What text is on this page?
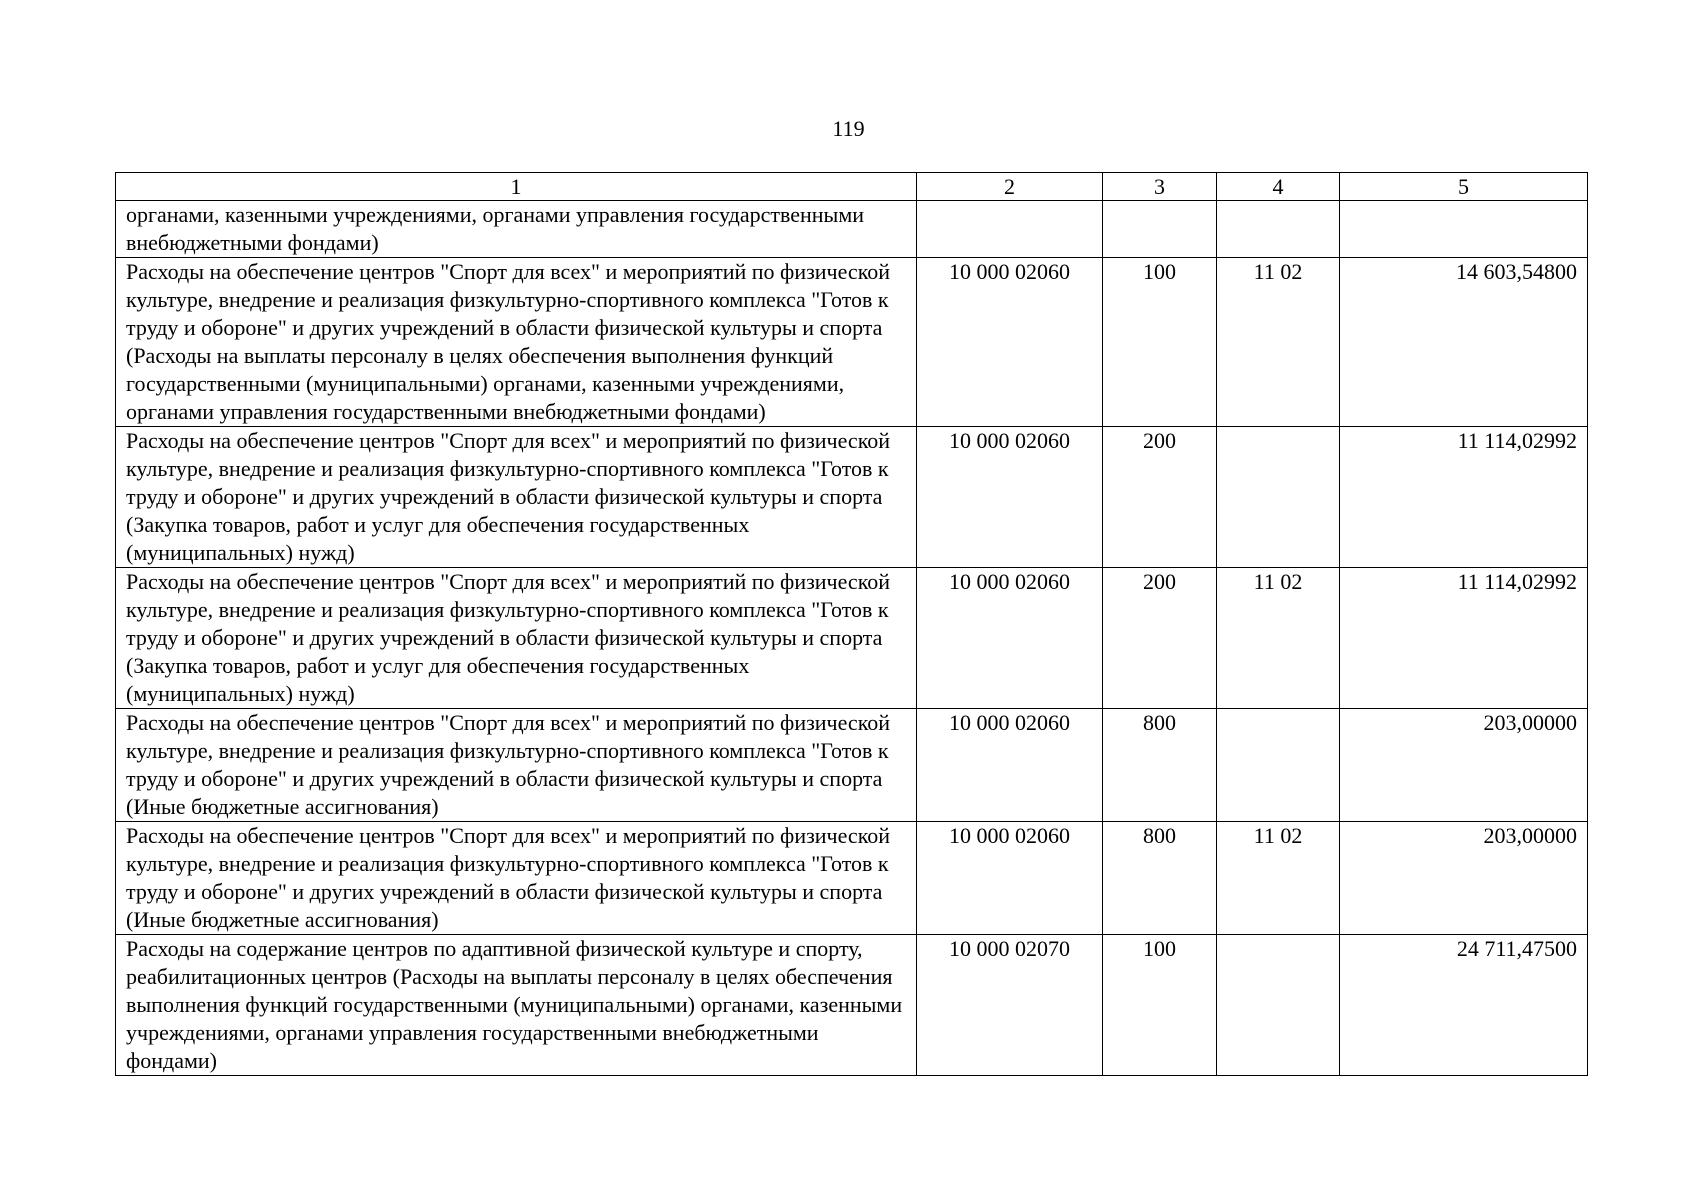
119
1	2	3	4	5
органами, казенными учреждениями, органами управления государственными внебюджетными фондами)				
Расходы на обеспечение центров "Спорт для всех" и мероприятий по физической культуре, внедрение и реализация физкультурно-спортивного комплекса "Готов к труду и обороне" и других учреждений в области физической культуры и спорта (Расходы на выплаты персоналу в целях обеспечения выполнения функций государственными (муниципальными) органами, казенными учреждениями, органами управления государственными внебюджетными фондами)	10 000 02060	100	11 02	14 603,54800
Расходы на обеспечение центров "Спорт для всех" и мероприятий по физической культуре, внедрение и реализация физкультурно-спортивного комплекса "Готов к труду и обороне" и других учреждений в области физической культуры и спорта (Закупка товаров, работ и услуг для обеспечения государственных (муниципальных) нужд)	10 000 02060	200		11 114,02992
Расходы на обеспечение центров "Спорт для всех" и мероприятий по физической культуре, внедрение и реализация физкультурно-спортивного комплекса "Готов к труду и обороне" и других учреждений в области физической культуры и спорта (Закупка товаров, работ и услуг для обеспечения государственных (муниципальных) нужд)	10 000 02060	200	11 02	11 114,02992
Расходы на обеспечение центров "Спорт для всех" и мероприятий по физической культуре, внедрение и реализация физкультурно-спортивного комплекса "Готов к труду и обороне" и других учреждений в области физической культуры и спорта (Иные бюджетные ассигнования)	10 000 02060	800		203,00000
Расходы на обеспечение центров "Спорт для всех" и мероприятий по физической культуре, внедрение и реализация физкультурно-спортивного комплекса "Готов к труду и обороне" и других учреждений в области физической культуры и спорта (Иные бюджетные ассигнования)	10 000 02060	800	11 02	203,00000
Расходы на содержание центров по адаптивной физической культуре и спорту, реабилитационных центров (Расходы на выплаты персоналу в целях обеспечения выполнения функций государственными (муниципальными) органами, казенными учреждениями, органами управления государственными внебюджетными фондами)	10 000 02070	100		24 711,47500
